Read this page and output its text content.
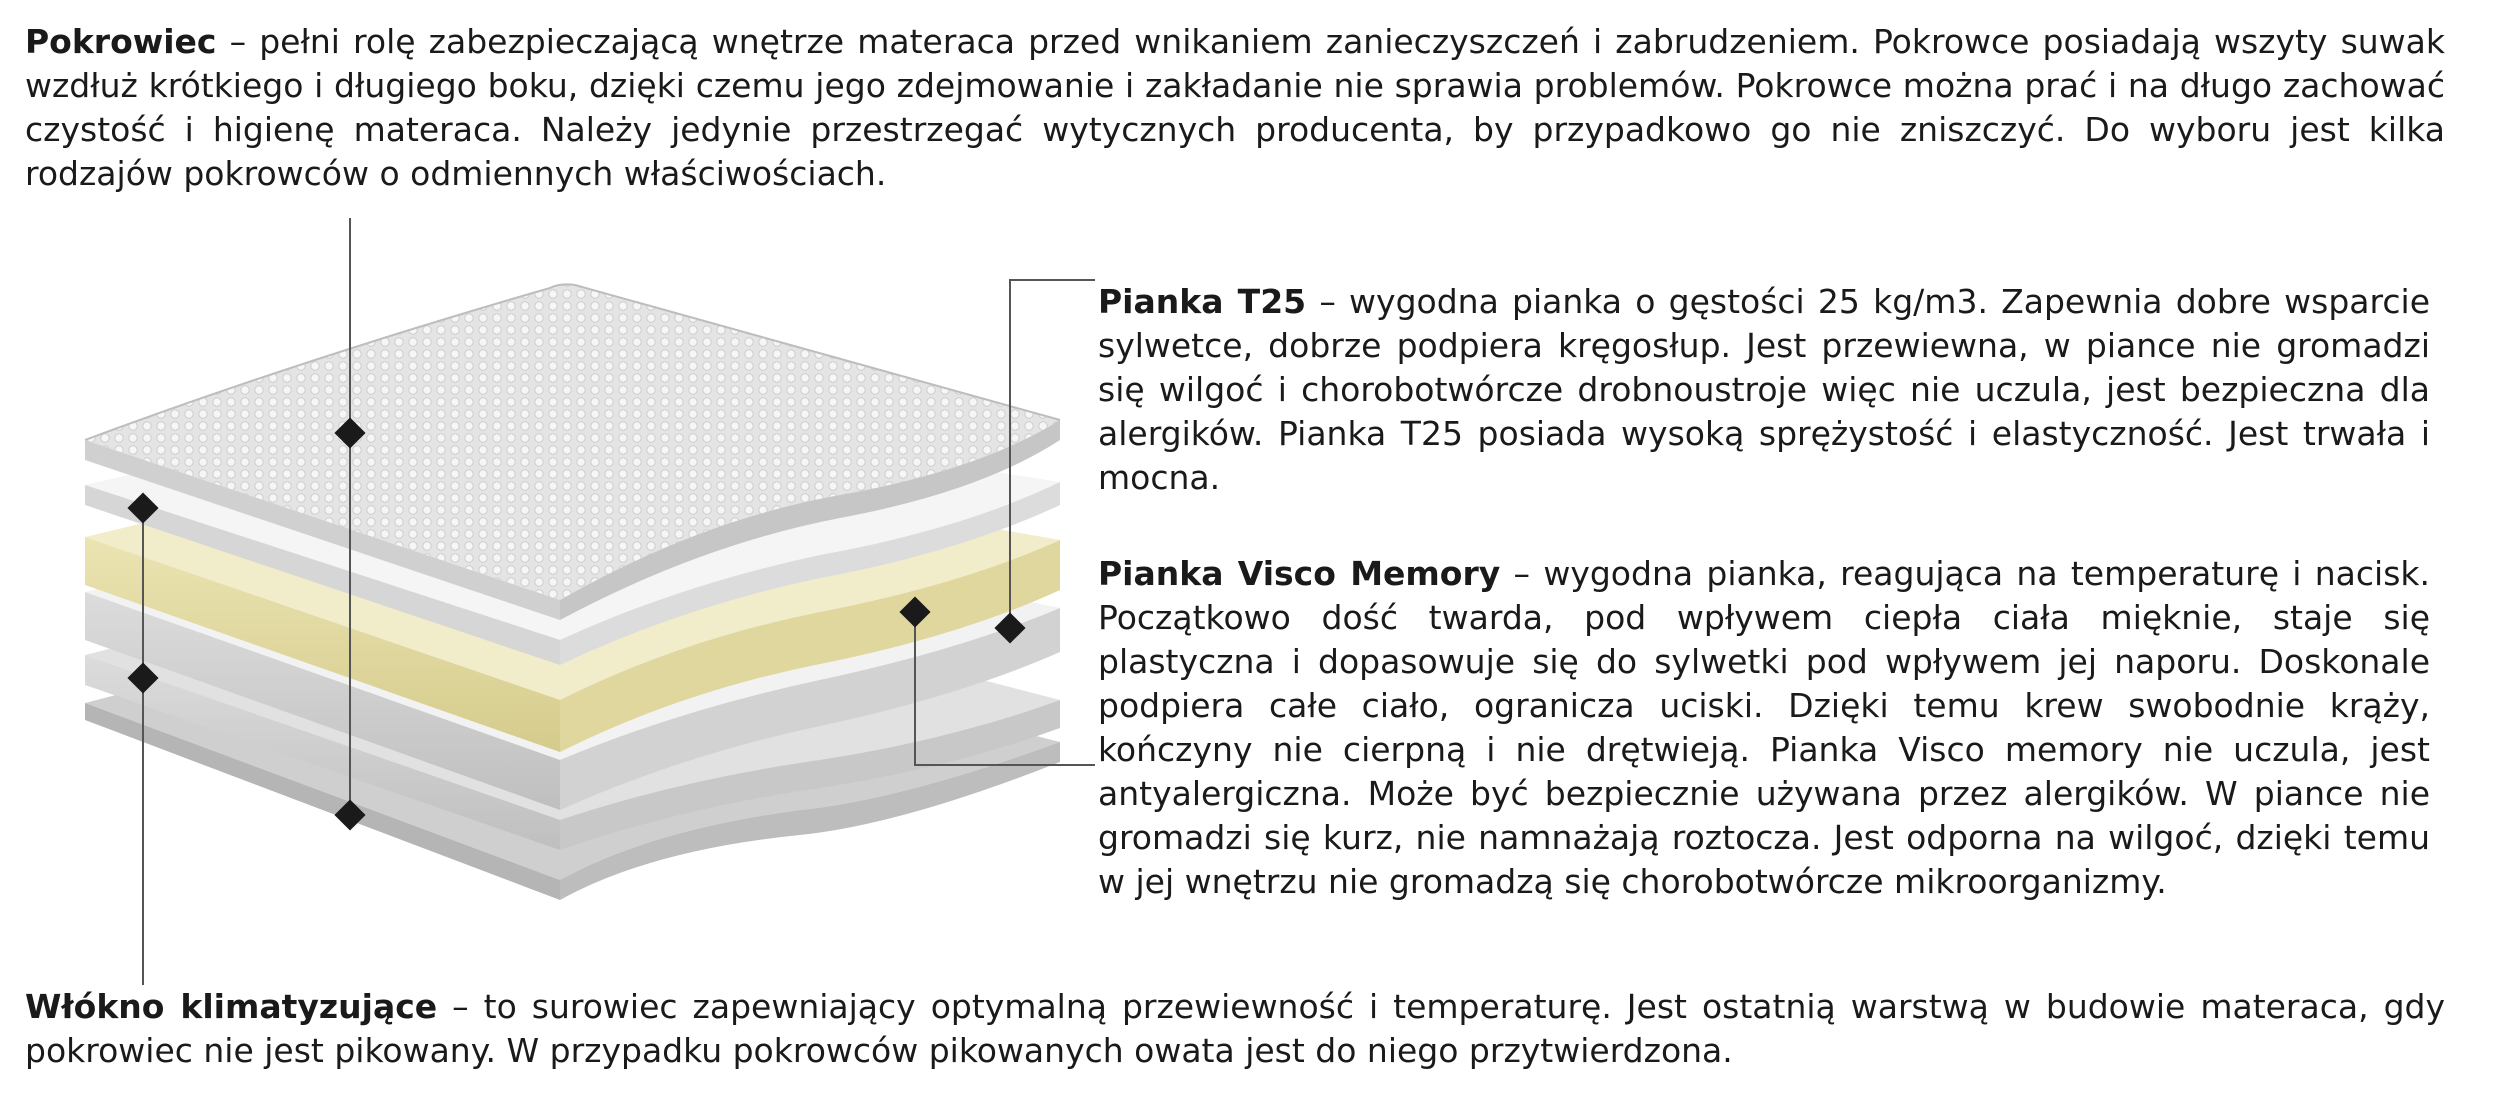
Pokrowiec – pełni rolę zabezpieczającą wnętrze materaca przed wnikaniem zanieczyszczeń i zabrudzeniem. Pokrowce posiadają wszyty suwak wzdłuż krótkiego i długiego boku, dzięki czemu jego zdejmowanie i zakładanie nie sprawia problemów. Pokrowce można prać i na długo zachować czystość i higienę materaca. Należy jedynie przestrzegać wytycznych producenta, by przypadkowo go nie zniszczyć. Do wyboru jest kilka rodzajów pokrowców o odmiennych właściwościach.

Pianka T25 – wygodna pianka o gęstości 25 kg/m3. Zapewnia dobre wsparcie sylwetce, dobrze podpiera kręgosłup. Jest przewiewna, w piance nie gromadzi się wilgoć i chorobotwórcze drobnoustroje więc nie uczula, jest bezpieczna dla alergików. Pianka T25 posiada wysoką sprężystość i elastyczność. Jest trwała i mocna.

Pianka Visco Memory – wygodna pianka, reagująca na temperaturę i nacisk. Początkowo dość twarda, pod wpływem ciepła ciała mięknie, staje się plastyczna i dopasowuje się do sylwetki pod wpływem jej naporu. Doskonale podpiera całe ciało, ogranicza uciski. Dzięki temu krew swobodnie krąży, kończyny nie cierpną i nie drętwieją. Pianka Visco memory nie uczula, jest antyalergiczna. Może być bezpiecznie używana przez alergików. W piance nie gromadzi się kurz, nie namnażają roztocza. Jest odporna na wilgoć, dzięki temu w jej wnętrzu nie gromadzą się chorobotwórcze mikroorganizmy.

Włókno klimatyzujące – to surowiec zapewniający optymalną przewiewność i temperaturę. Jest ostatnią warstwą w budowie materaca, gdy pokrowiec nie jest pikowany. W przypadku pokrowców pikowanych owata jest do niego przytwierdzona.
